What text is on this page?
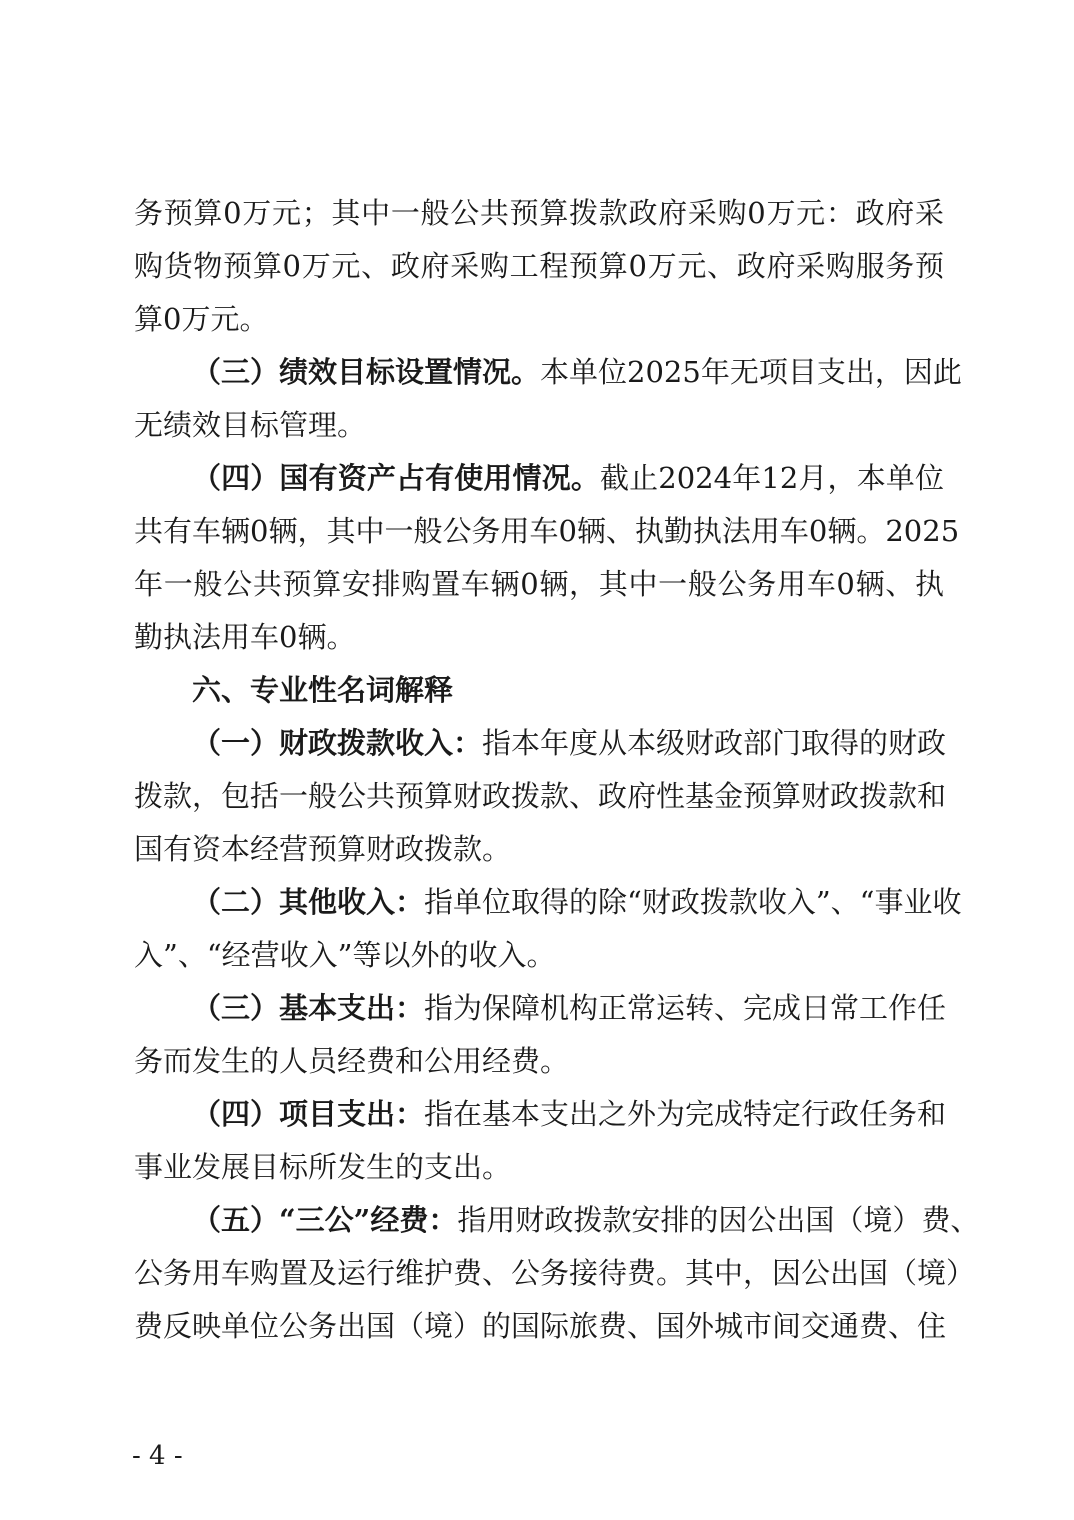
务预算0万元；其中一般公共预算拨款政府采购0万元：政府采
购货物预算0万元、政府采购工程预算0万元、政府采购服务预
算0万元。
（三）绩效目标设置情况。本单位2025年无项目支出，因此
无绩效目标管理。
（四）国有资产占有使用情况。截止2024年12月，本单位
共有车辆0辆，其中一般公务用车0辆、执勤执法用车0辆。2025
年一般公共预算安排购置车辆0辆，其中一般公务用车0辆、执
勤执法用车0辆。
六、专业性名词解释
（一）财政拨款收入：指本年度从本级财政部门取得的财政
拨款，包括一般公共预算财政拨款、政府性基金预算财政拨款和
国有资本经营预算财政拨款。
（二）其他收入：指单位取得的除“财政拨款收入”、“事业收
入”、“经营收入”等以外的收入。
（三）基本支出：指为保障机构正常运转、完成日常工作任
务而发生的人员经费和公用经费。
（四）项目支出：指在基本支出之外为完成特定行政任务和
事业发展目标所发生的支出。
（五）“三公”经费：指用财政拨款安排的因公出国（境）费、
公务用车购置及运行维护费、公务接待费。其中，因公出国（境）
费反映单位公务出国（境）的国际旅费、国外城市间交通费、住
- 4 -
